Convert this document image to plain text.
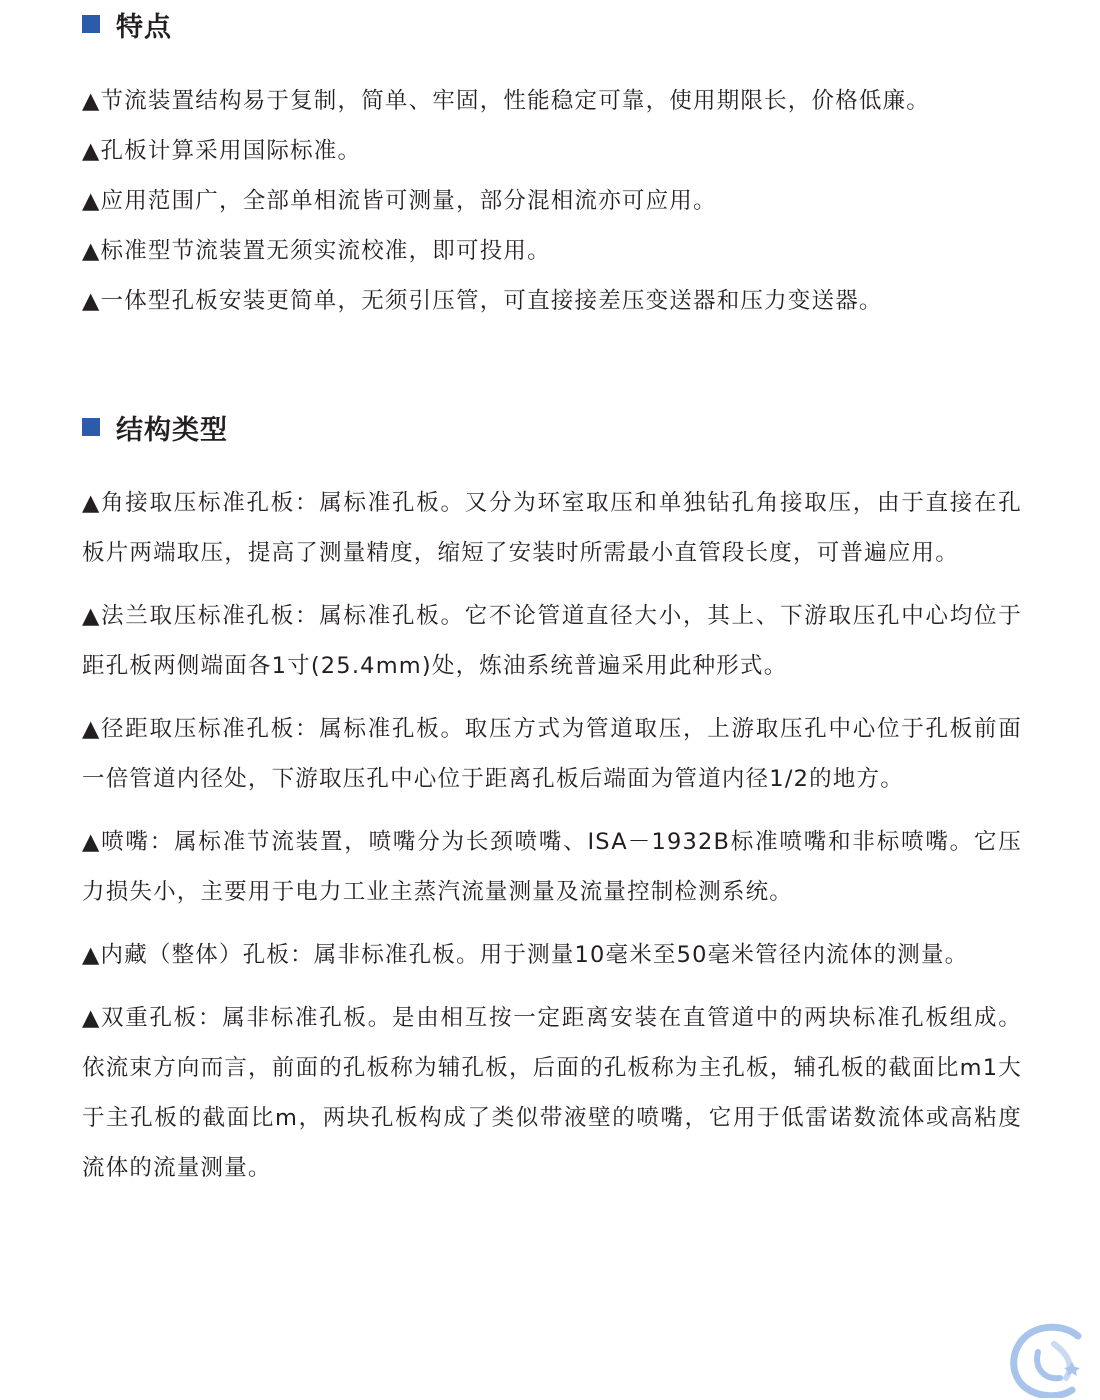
特点
▲节流装置结构易于复制，简单、牢固，性能稳定可靠，使用期限长，价格低廉。
▲孔板计算采用国际标准。
▲应用范围广，全部单相流皆可测量，部分混相流亦可应用。
▲标准型节流装置无须实流校准，即可投用。
▲一体型孔板安装更简单，无须引压管，可直接接差压变送器和压力变送器。
结构类型
▲角接取压标准孔板：属标准孔板。又分为环室取压和单独钻孔角接取压，由于直接在孔板片两端取压，提高了测量精度，缩短了安装时所需最小直管段长度，可普遍应用。
▲法兰取压标准孔板：属标准孔板。它不论管道直径大小，其上、下游取压孔中心均位于距孔板两侧端面各1寸(25.4mm)处，炼油系统普遍采用此种形式。
▲径距取压标准孔板：属标准孔板。取压方式为管道取压，上游取压孔中心位于孔板前面一倍管道内径处，下游取压孔中心位于距离孔板后端面为管道内径1/2的地方。
▲喷嘴：属标准节流装置，喷嘴分为长颈喷嘴、ISA－1932B标准喷嘴和非标喷嘴。它压力损失小，主要用于电力工业主蒸汽流量测量及流量控制检测系统。
▲内藏（整体）孔板：属非标准孔板。用于测量10毫米至50毫米管径内流体的测量。
▲双重孔板：属非标准孔板。是由相互按一定距离安装在直管道中的两块标准孔板组成。依流束方向而言，前面的孔板称为辅孔板，后面的孔板称为主孔板，辅孔板的截面比m1大于主孔板的截面比m，两块孔板构成了类似带液壁的喷嘴，它用于低雷诺数流体或高粘度流体的流量测量。
